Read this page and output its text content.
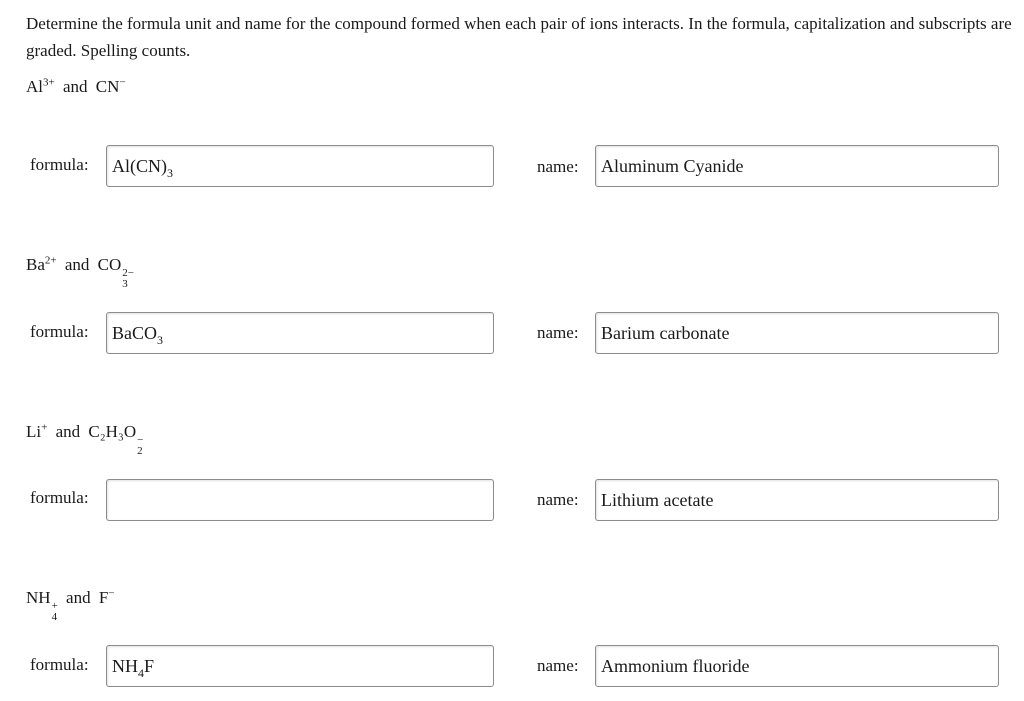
Determine the formula unit and name for the compound formed when each pair of ions interacts. In the formula, capitalization and subscripts are graded. Spelling counts.
$Al^{3+}$ and CN−
formula: $Al(CN)_3$	name: Aluminum Cyanide
$Ba^{2+}$ and CO 2−
3
formula: BaCO$_3$	name: Barium carbonate
Li+ and C₂H₃O −
2
formula:	name: Lithium acetate
NH +
4
and F−
formula: $NH_4F$	name: Ammonium fluoride
